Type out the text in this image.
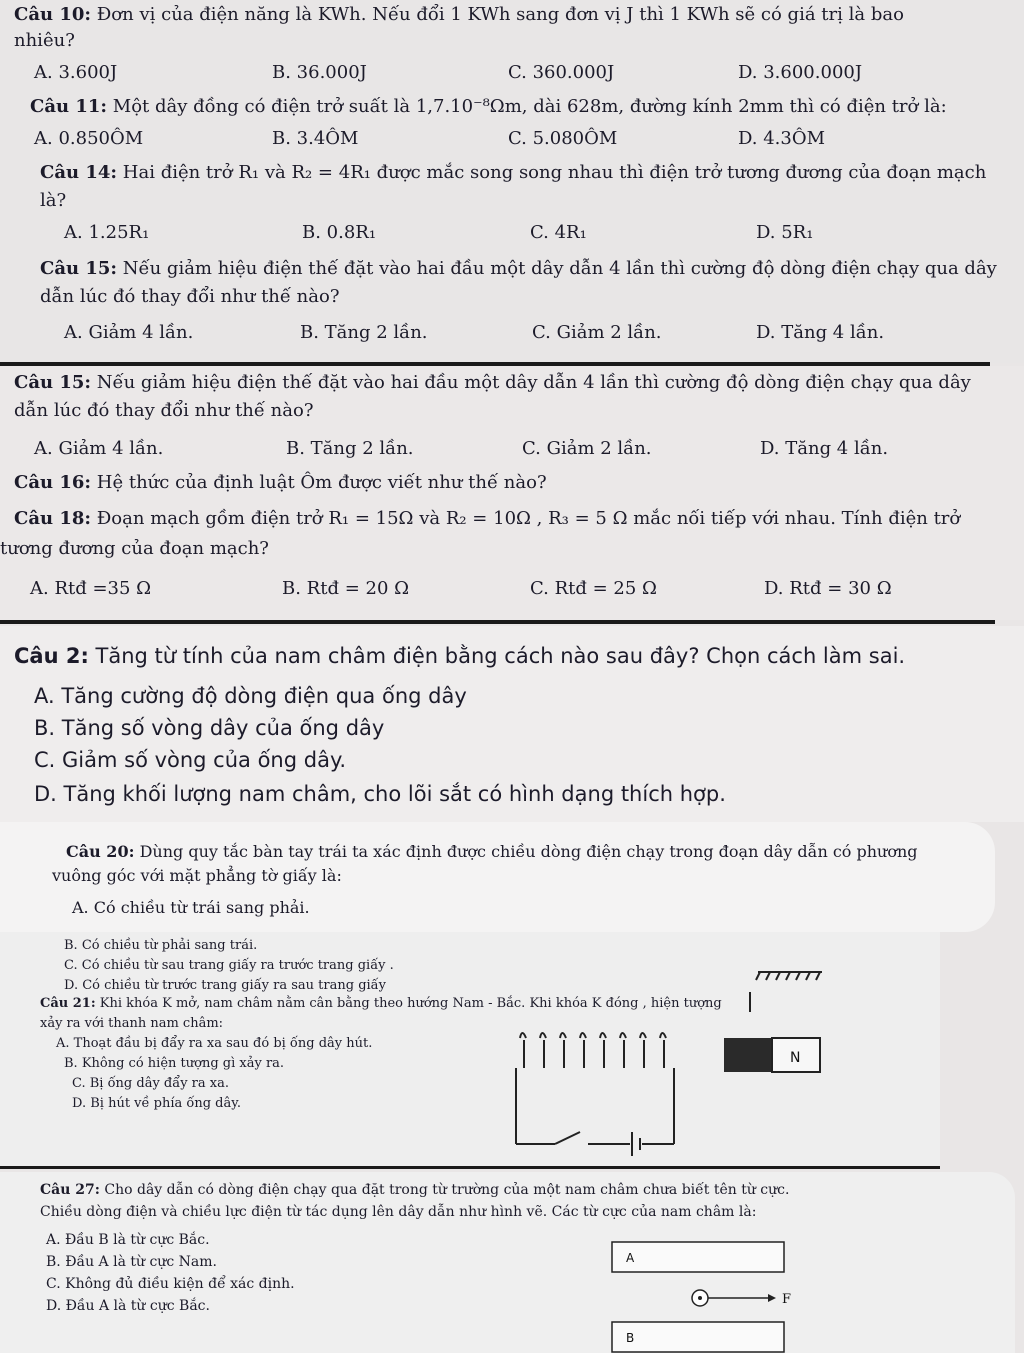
Câu 10: Đơn vị của điện năng là KWh. Nếu đổi 1 KWh sang đơn vị J thì 1 KWh sẽ có giá trị là bao
nhiêu?
A. 3.600J	B. 36.000J	C. 360.000J	D. 3.600.000J
Câu 11: Một dây đồng có điện trở suất là 1,7.10⁻⁸Ωm, dài 628m, đường kính 2mm thì có điện trở là:
A. 0.850ÔM	B. 3.4ÔM	C. 5.080ÔM	D. 4.3ÔM
Câu 14: Hai điện trở R₁ và R₂ = 4R₁ được mắc song song nhau thì điện trở tương đương của đoạn mạch
là?
A. 1.25R₁	B. 0.8R₁	C. 4R₁	D. 5R₁
Câu 15: Nếu giảm hiệu điện thế đặt vào hai đầu một dây dẫn 4 lần thì cường độ dòng điện chạy qua dây
dẫn lúc đó thay đổi như thế nào?
A. Giảm 4 lần.	B. Tăng 2 lần.	C. Giảm 2 lần.	D. Tăng 4 lần.
Câu 15: Nếu giảm hiệu điện thế đặt vào hai đầu một dây dẫn 4 lần thì cường độ dòng điện chạy qua dây
dẫn lúc đó thay đổi như thế nào?
A. Giảm 4 lần.	B. Tăng 2 lần.	C. Giảm 2 lần.	D. Tăng 4 lần.
Câu 16: Hệ thức của định luật Ôm được viết như thế nào?
Câu 18: Đoạn mạch gồm điện trở R₁ = 15Ω và R₂ = 10Ω , R₃ = 5 Ω mắc nối tiếp với nhau. Tính điện trở
tương đương của đoạn mạch?
A. Rtđ =35 Ω	B. Rtđ = 20 Ω	C. Rtđ = 25 Ω	D. Rtđ = 30 Ω
Câu 2: Tăng từ tính của nam châm điện bằng cách nào sau đây? Chọn cách làm sai.
A. Tăng cường độ dòng điện qua ống dây
B. Tăng số vòng dây của ống dây
C. Giảm số vòng của ống dây.
D. Tăng khối lượng nam châm, cho lõi sắt có hình dạng thích hợp.
Câu 20: Dùng quy tắc bàn tay trái ta xác định được chiều dòng điện chạy trong đoạn dây dẫn có phương
vuông góc với mặt phẳng tờ giấy là:
A. Có chiều từ trái sang phải.
B. Có chiều từ phải sang trái.
C. Có chiều từ sau trang giấy ra trước trang giấy .
D. Có chiều từ trước trang giấy ra sau trang giấy
Câu 21: Khi khóa K mở, nam châm nằm cân bằng theo hướng Nam - Bắc. Khi khóa K đóng , hiện tượng
xảy ra với thanh nam châm:
A. Thoạt đầu bị đẩy ra xa sau đó bị ống dây hút.
B. Không có hiện tượng gì xảy ra.
C. Bị ống dây đẩy ra xa.
D. Bị hút về phía ống dây.
N
Câu 27: Cho dây dẫn có dòng điện chạy qua đặt trong từ trường của một nam châm chưa biết tên từ cực.
Chiều dòng điện và chiều lực điện từ tác dụng lên dây dẫn như hình vẽ. Các từ cực của nam châm là:
A. Đầu B là từ cực Bắc.
B. Đầu A là từ cực Nam.
C. Không đủ điều kiện để xác định.
D. Đầu A là từ cực Bắc.
A
F
B
